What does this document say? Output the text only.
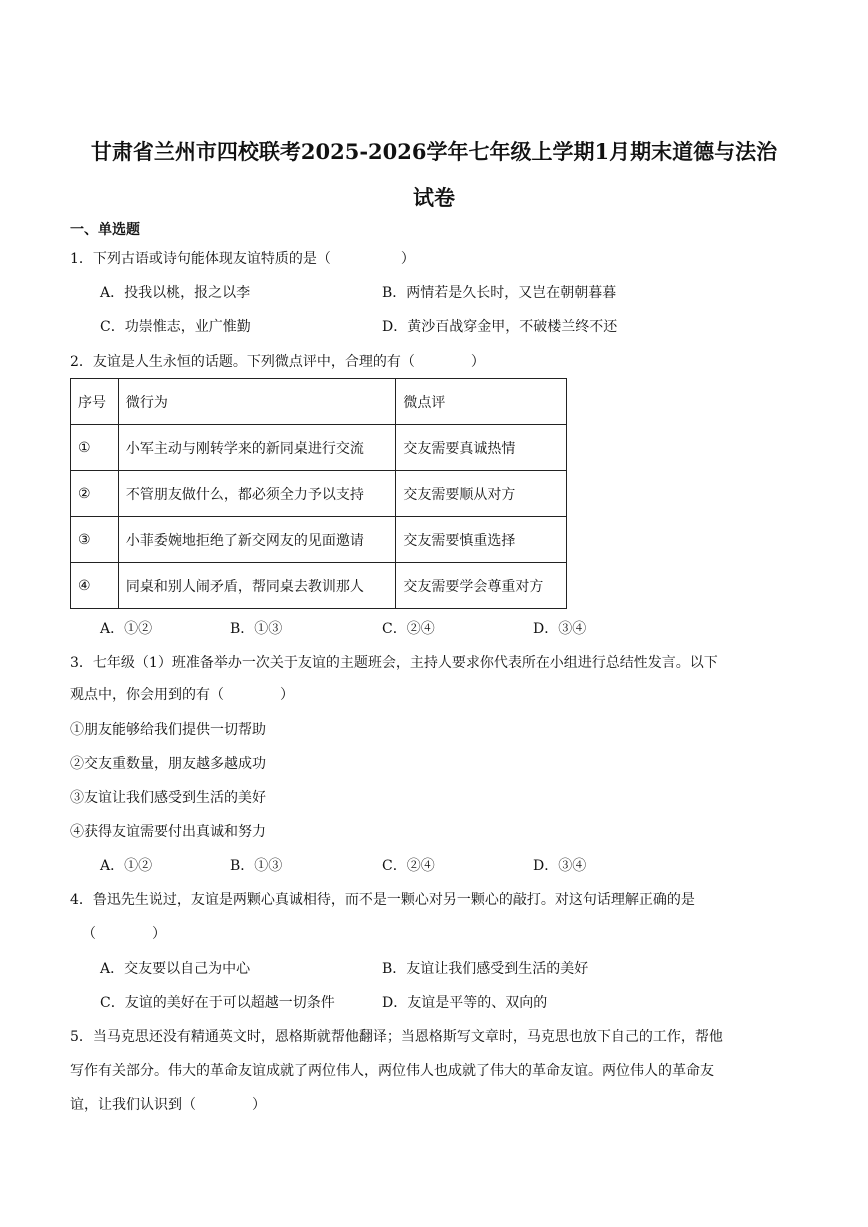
甘肃省兰州市四校联考2025-2026学年七年级上学期1月期末道德与法治
试卷
一、单选题
1．下列古语或诗句能体现友谊特质的是（　　　　　）
A．投我以桃，报之以李	B．两情若是久长时，又岂在朝朝暮暮
C．功崇惟志，业广惟勤	D．黄沙百战穿金甲，不破楼兰终不还
2．友谊是人生永恒的话题。下列微点评中，合理的有（　　　　）
序号	微行为	微点评
①	小军主动与刚转学来的新同桌进行交流	交友需要真诚热情
②	不管朋友做什么，都必须全力予以支持	交友需要顺从对方
③	小菲委婉地拒绝了新交网友的见面邀请	交友需要慎重选择
④	同桌和别人闹矛盾，帮同桌去教训那人	交友需要学会尊重对方
A．①②	B．①③	C．②④	D．③④
3．七年级（1）班准备举办一次关于友谊的主题班会，主持人要求你代表所在小组进行总结性发言。以下
观点中，你会用到的有（　　　　）
①朋友能够给我们提供一切帮助
②交友重数量，朋友越多越成功
③友谊让我们感受到生活的美好
④获得友谊需要付出真诚和努力
A．①②	B．①③	C．②④	D．③④
4．鲁迅先生说过，友谊是两颗心真诚相待，而不是一颗心对另一颗心的敲打。对这句话理解正确的是
（　　　　）
A．交友要以自己为中心	B．友谊让我们感受到生活的美好
C．友谊的美好在于可以超越一切条件	D．友谊是平等的、双向的
5．当马克思还没有精通英文时，恩格斯就帮他翻译；当恩格斯写文章时，马克思也放下自己的工作，帮他
写作有关部分。伟大的革命友谊成就了两位伟人，两位伟人也成就了伟大的革命友谊。两位伟人的革命友
谊，让我们认识到（　　　　）
